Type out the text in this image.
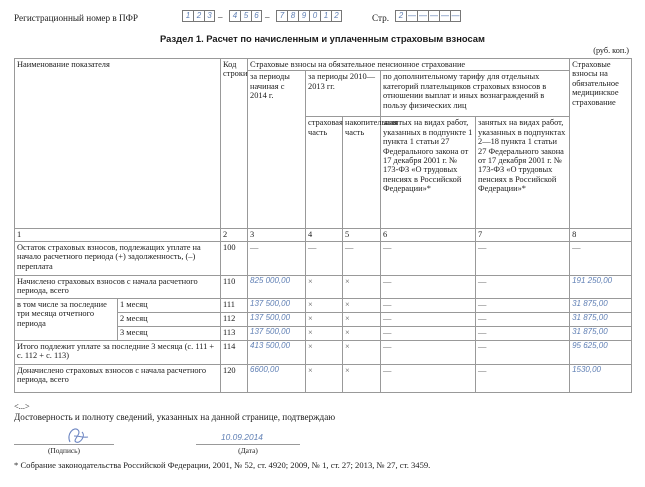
Регистрационный номер в ПФР	1 2 3 –	4 5 6 –	7 8 9 0 1 2	Стр.	2 — — — — —
Раздел 1. Расчет по начисленным и уплаченным страховым взносам
(руб. коп.)
Наименование показателя		Код строки	Страховые взносы на обязательное пенсионное страхование					Страховые взносы на обязательное медицинское страхование
			за периоды начиная с 2014 г.	за периоды 2010—2013 гг.		по дополнительному тарифу для отдельных категорий плательщиков страховых взносов в отношении выплат и иных вознаграждений в пользу физических лиц		
				страховая часть	накопительная часть	занятых на видах работ, указанных в подпункте 1 пункта 1 статьи 27 Федерального закона от 17 декабря 2001 г. № 173-ФЗ «О трудовых пенсиях в Российской Федерации»*	занятых на видах работ, указанных в подпунктах 2—18 пункта 1 статьи 27 Федерального закона от 17 декабря 2001 г. № 173-ФЗ «О трудовых пенсиях в Российской Федерации»*	
1		2	3	4	5	6	7	8
Остаток страховых взносов, подлежащих уплате на начало расчетного периода (+) задолженность, (–) переплата		100	—	—	—	—	—	—
Начислено страховых взносов с начала расчетного периода, всего		110	825 000,00	×	×	—	—	191 250,00
в том числе за последние три месяца отчетного периода	1 месяц	111	137 500,00	×	×	—	—	31 875,00
	2 месяц	112	137 500,00	×	×	—	—	31 875,00
	3 месяц	113	137 500,00	×	×	—	—	31 875,00
Итого подлежит уплате за последние 3 месяца (с. 111 + с. 112 + с. 113)		114	413 500,00	×	×	—	—	95 625,00
Доначислено страховых взносов с начала расчетного периода, всего		120	6600,00	×	×	—	—	1530,00
<...>
Достоверность и полноту сведений, указанных на данной странице, подтверждаю
(Подпись)
10.09.2014
(Дата)
* Собрание законодательства Российской Федерации, 2001, № 52, ст. 4920; 2009, № 1, ст. 27; 2013, № 27, ст. 3459.
